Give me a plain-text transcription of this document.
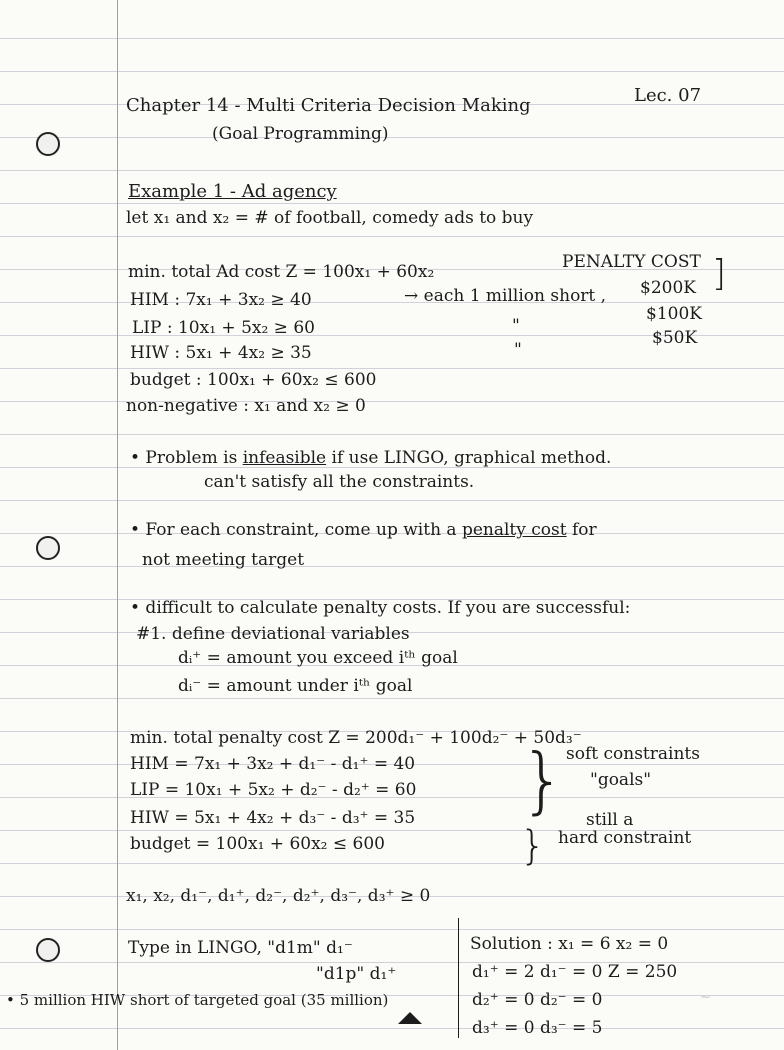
Chapter 14 - Multi Criteria Decision Making
(Goal Programming)
Lec. 07
Example 1 - Ad agency
let x₁ and x₂ = # of football, comedy ads to buy
min. total Ad cost Z = 100x₁ + 60x₂	PENALTY COST
HIM : 7x₁ + 3x₂ ≥ 40
LIP : 10x₁ + 5x₂ ≥ 60
HIW : 5x₁ + 4x₂ ≥ 35
budget : 100x₁ + 60x₂ ≤ 600
non-negative : x₁ and x₂ ≥ 0
→ each 1 million short ,
"
"
$200K
$100K
$50K
]
• Problem is infeasible if use LINGO, graphical method.
can't satisfy all the constraints.
• For each constraint, come up with a penalty cost for
not meeting target
• difficult to calculate penalty costs. If you are successful:
#1. define deviational variables
dᵢ⁺ = amount you exceed iᵗʰ goal
dᵢ⁻ = amount under iᵗʰ goal
min. total penalty cost Z = 200d₁⁻ + 100d₂⁻ + 50d₃⁻
HIM = 7x₁ + 3x₂ + d₁⁻ - d₁⁺ = 40
LIP = 10x₁ + 5x₂ + d₂⁻ - d₂⁺ = 60
HIW = 5x₁ + 4x₂ + d₃⁻ - d₃⁺ = 35
budget = 100x₁ + 60x₂ ≤ 600
} soft constraints
"goals"
}
still a
hard constraint
x₁, x₂, d₁⁻, d₁⁺, d₂⁻, d₂⁺, d₃⁻, d₃⁺ ≥ 0
Type in LINGO, "d1m" d₁⁻
"d1p" d₁⁺
• 5 million HIW short of targeted goal (35 million)
Solution : x₁ = 6 x₂ = 0
d₁⁺ = 2 d₁⁻ = 0 Z = 250
d₂⁺ = 0 d₂⁻ = 0
d₃⁺ = 0 d₃⁻ = 5
~
